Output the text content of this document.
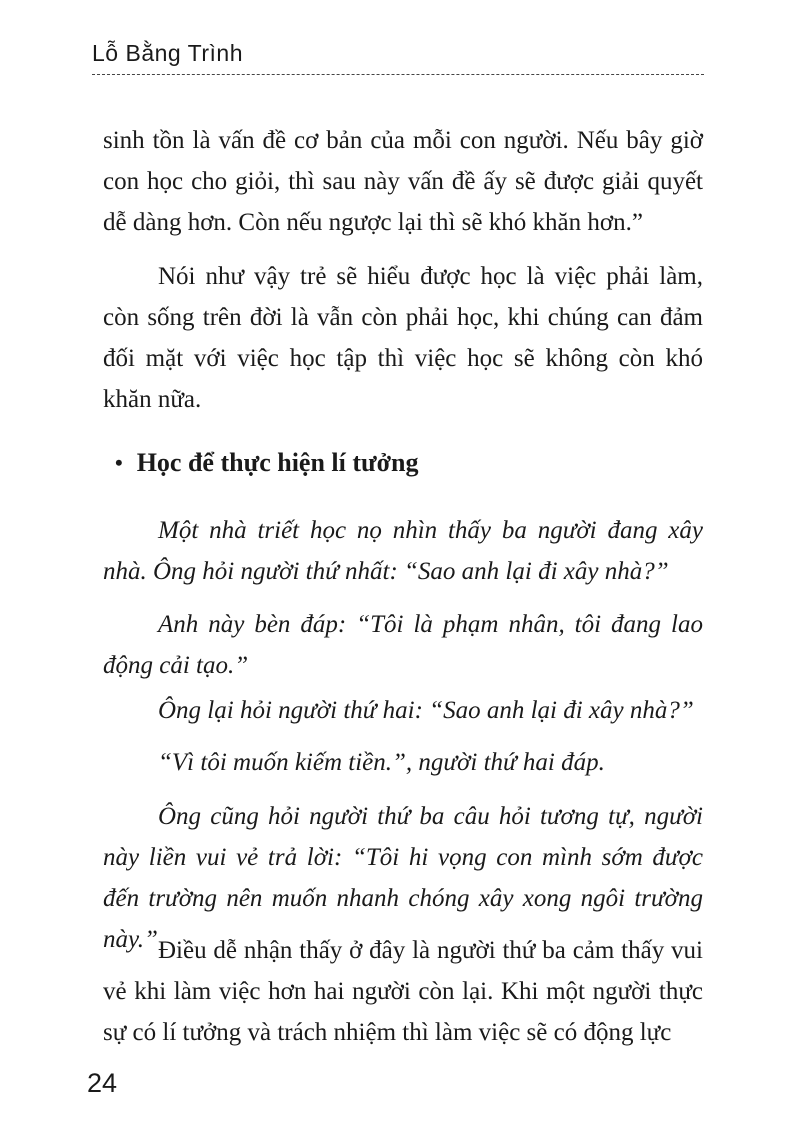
Lỗ Bằng Trình

sinh tồn là vấn đề cơ bản của mỗi con người. Nếu bây giờ con học cho giỏi, thì sau này vấn đề ấy sẽ được giải quyết dễ dàng hơn. Còn nếu ngược lại thì sẽ khó khăn hơn.”

Nói như vậy trẻ sẽ hiểu được học là việc phải làm, còn sống trên đời là vẫn còn phải học, khi chúng can đảm đối mặt với việc học tập thì việc học sẽ không còn khó khăn nữa.

• Học để thực hiện lí tưởng

Một nhà triết học nọ nhìn thấy ba người đang xây nhà. Ông hỏi người thứ nhất: “Sao anh lại đi xây nhà?”

Anh này bèn đáp: “Tôi là phạm nhân, tôi đang lao động cải tạo.”

Ông lại hỏi người thứ hai: “Sao anh lại đi xây nhà?”

“Vì tôi muốn kiếm tiền.”, người thứ hai đáp.

Ông cũng hỏi người thứ ba câu hỏi tương tự, người này liền vui vẻ trả lời: “Tôi hi vọng con mình sớm được đến trường nên muốn nhanh chóng xây xong ngôi trường này.” Điều dễ nhận thấy ở đây là người thứ ba cảm thấy vui vẻ khi làm việc hơn hai người còn lại. Khi một người thực sự có lí tưởng và trách nhiệm thì làm việc sẽ có động lực

24
